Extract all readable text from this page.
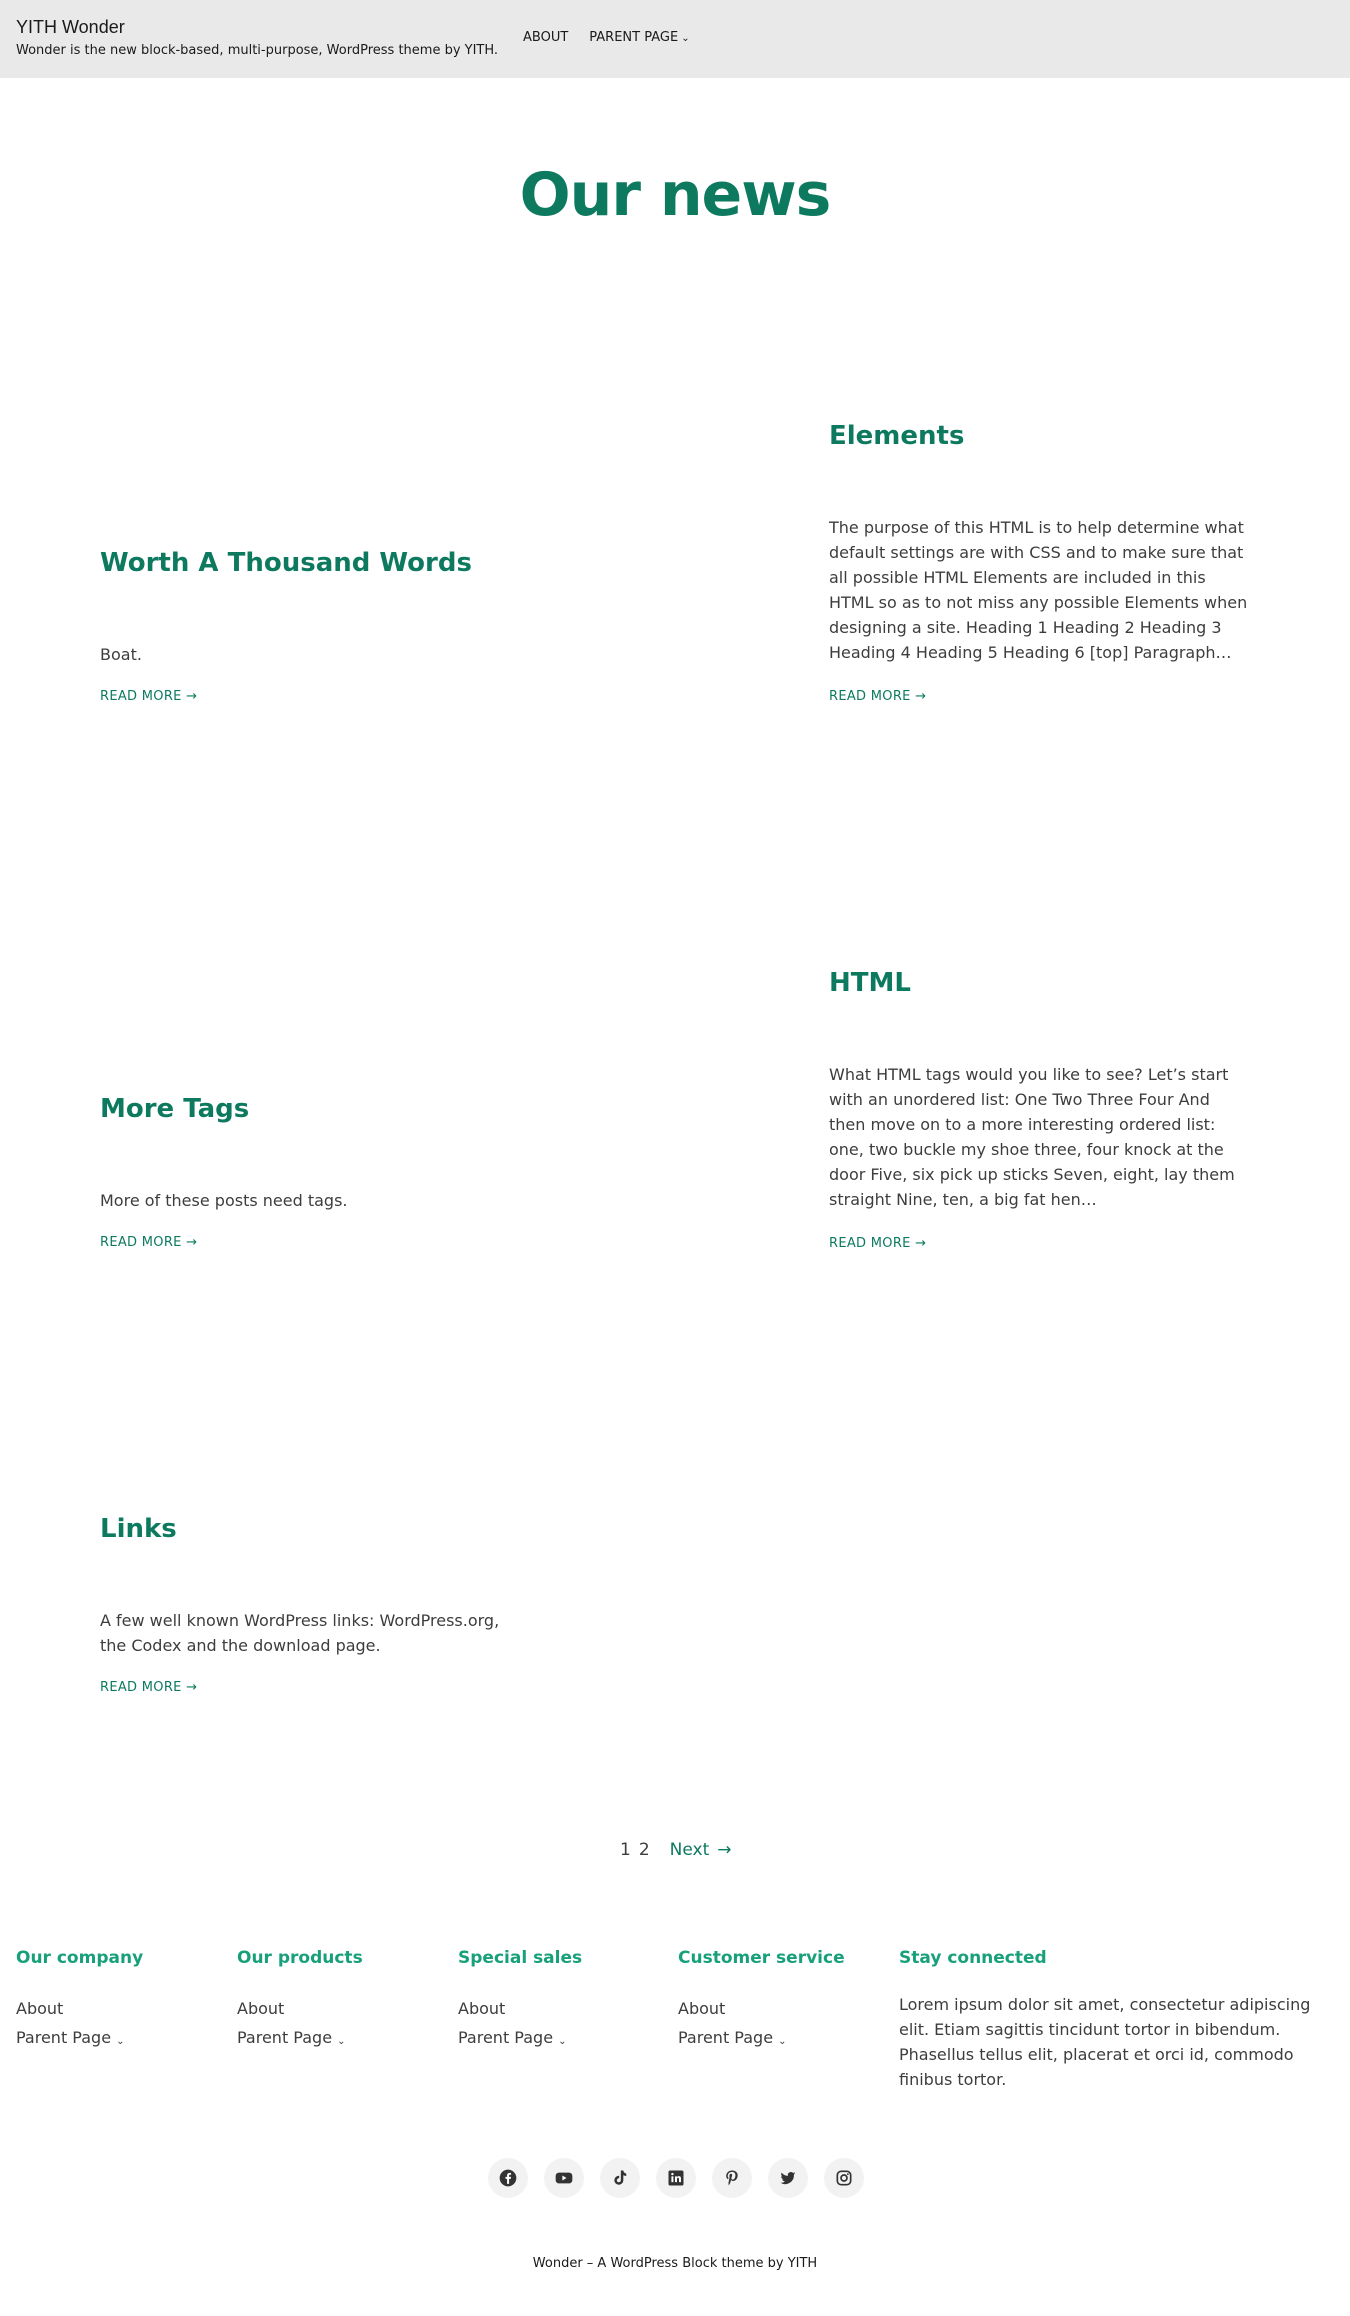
YITH Wonder
Wonder is the new block-based, multi-purpose, WordPress theme by YITH.
ABOUT PARENT PAGE ⌄
Our news
Worth A Thousand Words
Boat.
READ MORE →
Elements
The purpose of this HTML is to help determine what default settings are with CSS and to make sure that all possible HTML Elements are included in this HTML so as to not miss any possible Elements when designing a site. Heading 1 Heading 2 Heading 3 Heading 4 Heading 5 Heading 6 [top] Paragraph…
READ MORE →
More Tags
More of these posts need tags.
READ MORE →
HTML
What HTML tags would you like to see? Let’s start with an unordered list: One Two Three Four And then move on to a more interesting ordered list: one, two buckle my shoe three, four knock at the door Five, six pick up sticks Seven, eight, lay them straight Nine, ten, a big fat hen…
READ MORE →
Links
A few well known WordPress links: WordPress.org, the Codex and the download page.
READ MORE →
1 2 Next →
Our company
About
Parent Page ⌄
Our products
About
Parent Page ⌄
Special sales
About
Parent Page ⌄
Customer service
About
Parent Page ⌄
Stay connected
Lorem ipsum dolor sit amet, consectetur adipiscing elit. Etiam sagittis tincidunt tortor in bibendum. Phasellus tellus elit, placerat et orci id, commodo finibus tortor.
Wonder – A WordPress Block theme by YITH
